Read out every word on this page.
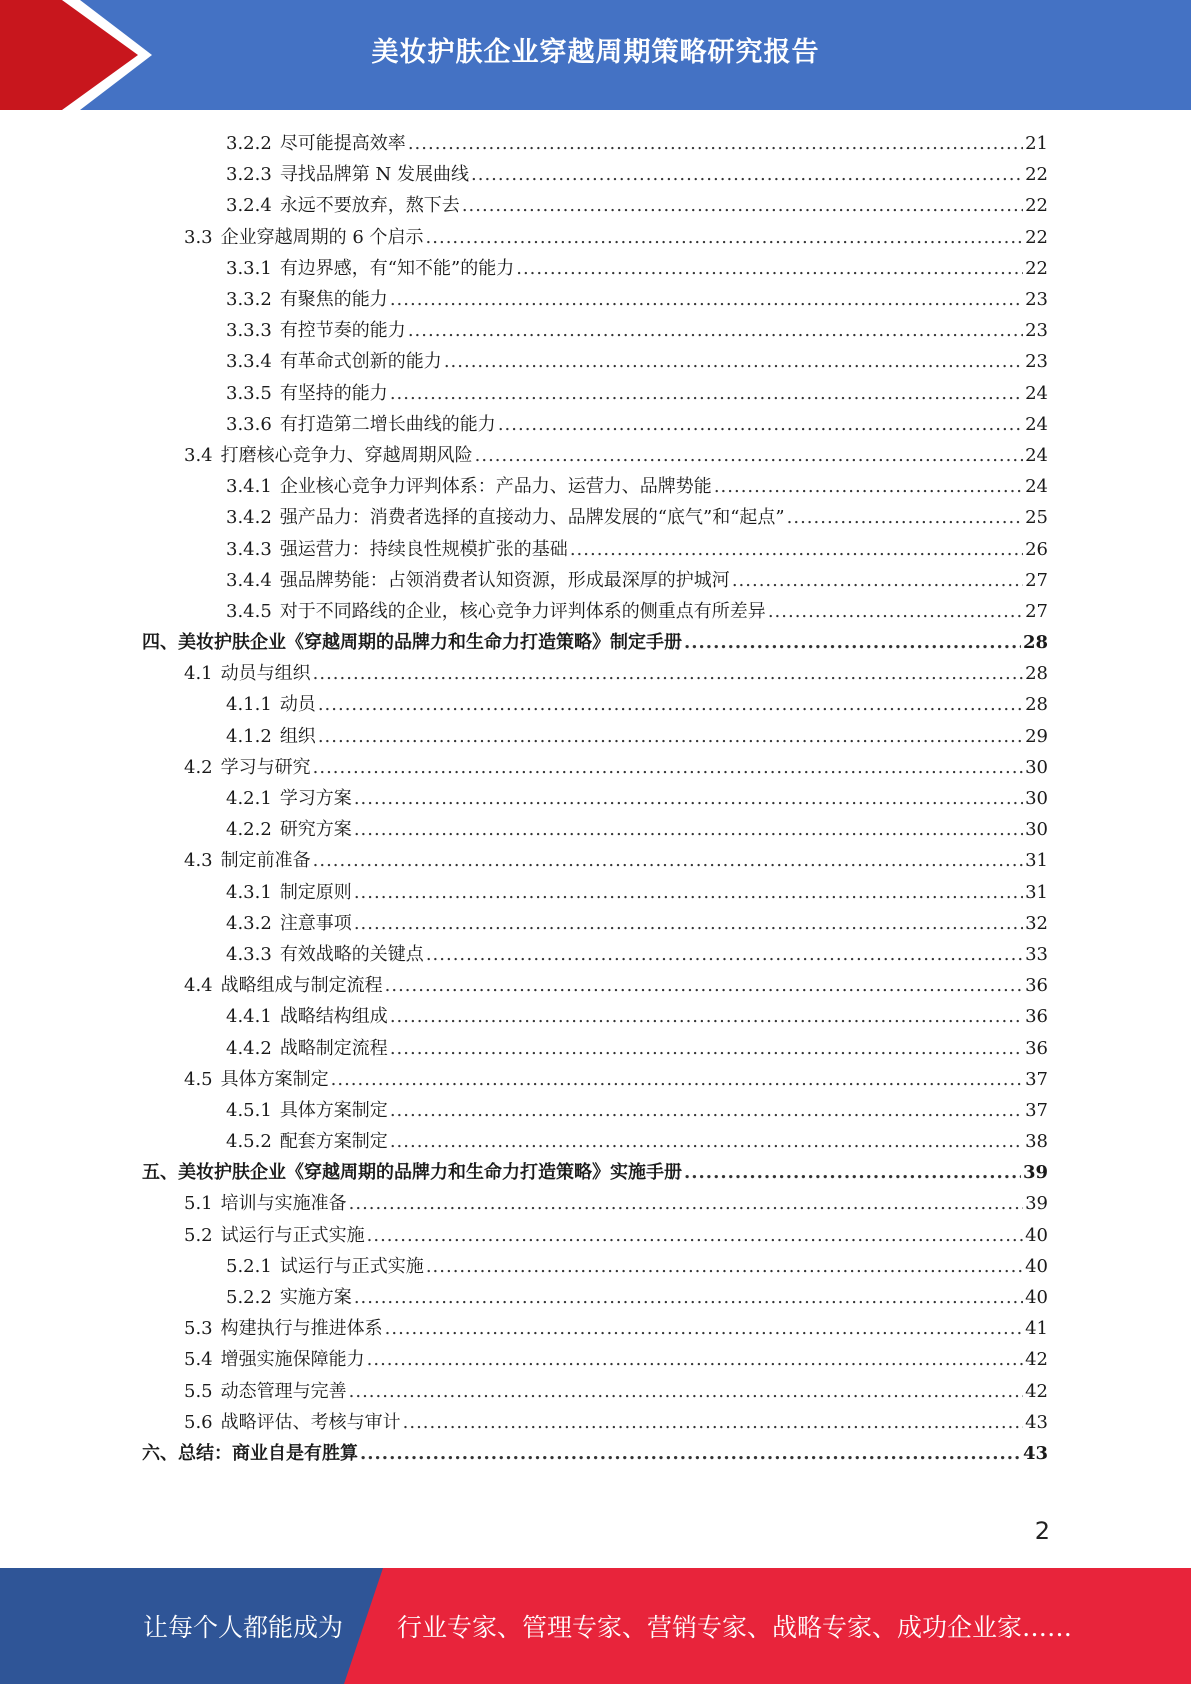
美妆护肤企业穿越周期策略研究报告
3.2.2 尽可能提高效率 .....	21
3.2.3 寻找品牌第 N 发展曲线 .....	22
3.2.4 永远不要放弃，熬下去 .....	22
3.3 企业穿越周期的 6 个启示 .....	22
3.3.1 有边界感，有“知不能”的能力 .....	22
3.3.2 有聚焦的能力 .....	23
3.3.3 有控节奏的能力 .....	23
3.3.4 有革命式创新的能力 .....	23
3.3.5 有坚持的能力 .....	24
3.3.6 有打造第二增长曲线的能力 .....	24
3.4 打磨核心竞争力、穿越周期风险 .....	24
3.4.1 企业核心竞争力评判体系：产品力、运营力、品牌势能 .....	24
3.4.2 强产品力：消费者选择的直接动力、品牌发展的“底气”和“起点” .....	25
3.4.3 强运营力：持续良性规模扩张的基础 .....	26
3.4.4 强品牌势能：占领消费者认知资源，形成最深厚的护城河 .....	27
3.4.5 对于不同路线的企业，核心竞争力评判体系的侧重点有所差异 .....	27
四、美妆护肤企业《穿越周期的品牌力和生命力打造策略》制定手册 .....	28
4.1 动员与组织 .....	28
4.1.1 动员 .....	28
4.1.2 组织 .....	29
4.2 学习与研究 .....	30
4.2.1 学习方案 .....	30
4.2.2 研究方案 .....	30
4.3 制定前准备 .....	31
4.3.1 制定原则 .....	31
4.3.2 注意事项 .....	32
4.3.3 有效战略的关键点 .....	33
4.4 战略组成与制定流程 .....	36
4.4.1 战略结构组成 .....	36
4.4.2 战略制定流程 .....	36
4.5 具体方案制定 .....	37
4.5.1 具体方案制定 .....	37
4.5.2 配套方案制定 .....	38
五、美妆护肤企业《穿越周期的品牌力和生命力打造策略》实施手册 .....	39
5.1 培训与实施准备 .....	39
5.2 试运行与正式实施 .....	40
5.2.1 试运行与正式实施 .....	40
5.2.2 实施方案 .....	40
5.3 构建执行与推进体系 .....	41
5.4 增强实施保障能力 .....	42
5.5 动态管理与完善 .....	42
5.6 战略评估、考核与审计 .....	43
六、总结：商业自是有胜算 .....	43
2
让每个人都能成为 行业专家、管理专家、营销专家、战略专家、成功企业家……
